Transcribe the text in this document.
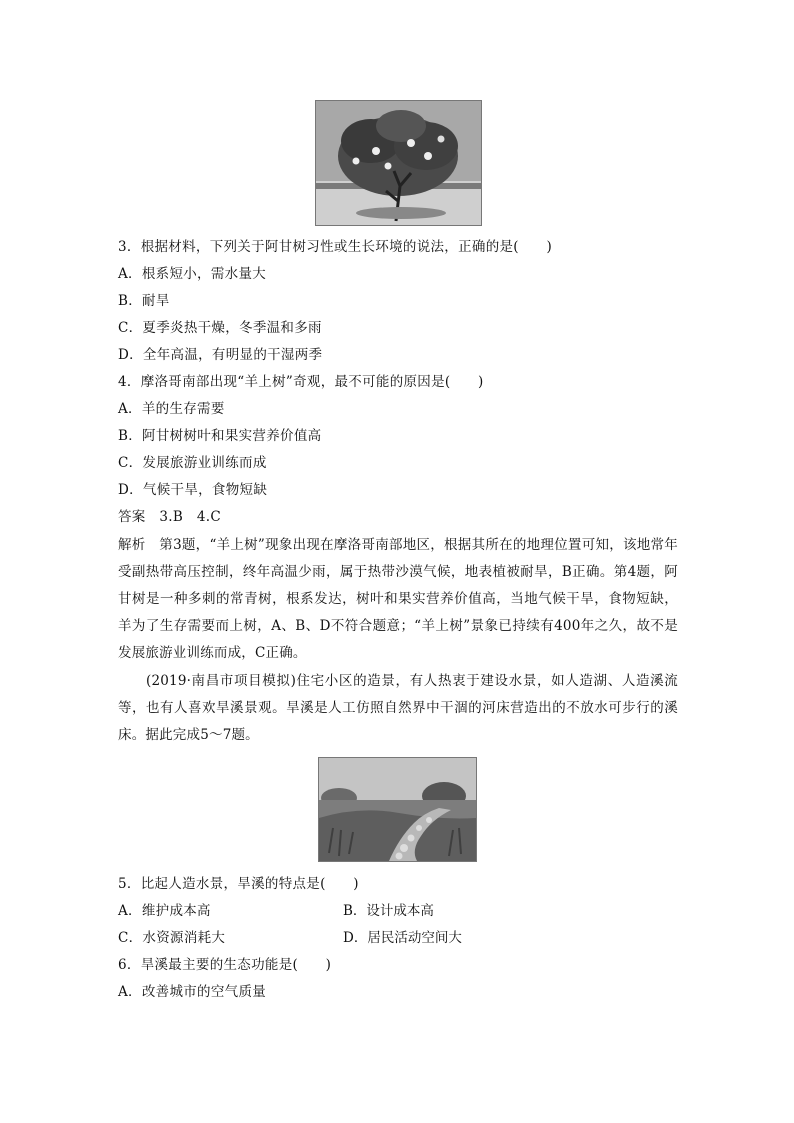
3．根据材料，下列关于阿甘树习性或生长环境的说法，正确的是(　　)
A．根系短小，需水量大
B．耐旱
C．夏季炎热干燥，冬季温和多雨
D．全年高温，有明显的干湿两季
4．摩洛哥南部出现“羊上树”奇观，最不可能的原因是(　　)
A．羊的生存需要
B．阿甘树树叶和果实营养价值高
C．发展旅游业训练而成
D．气候干旱，食物短缺
答案　3.B　4.C
解析　第3题，“羊上树”现象出现在摩洛哥南部地区，根据其所在的地理位置可知，该地常年受副热带高压控制，终年高温少雨，属于热带沙漠气候，地表植被耐旱，B正确。第4题，阿甘树是一种多刺的常青树，根系发达，树叶和果实营养价值高，当地气候干旱，食物短缺，羊为了生存需要而上树，A、B、D不符合题意；“羊上树”景象已持续有400年之久，故不是发展旅游业训练而成，C正确。
(2019·南昌市项目模拟)住宅小区的造景，有人热衷于建设水景，如人造湖、人造溪流等，也有人喜欢旱溪景观。旱溪是人工仿照自然界中干涸的河床营造出的不放水可步行的溪床。据此完成5～7题。
5．比起人造水景，旱溪的特点是(　　)
A．维护成本高	B．设计成本高
C．水资源消耗大	D．居民活动空间大
6．旱溪最主要的生态功能是(　　)
A．改善城市的空气质量
